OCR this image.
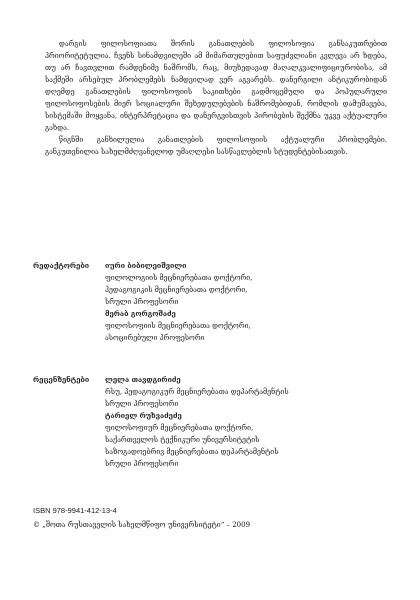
დარგის ფილოსოფიათა შორის განათლების ფილოსოფია განსაკუთრებით პრიორიტეტულია. ჩვენს სინამდვილეში ამ მიმართულებით საფუძვლიანი კვლევა არ ხდება, თუ არ ჩავთვლით რამდენიმე ნაშრომს, რაც, მიუხედავად მაღალკვალიფიციურობისა, ამ საქმეში არსებულ პრობლემებს ნამდვილად ვერ აგვარებს. დანერგილი ანტიკურობიდან დღემდე განათლების ფილოსოფიის საკითხები გადმოცემული და პოპულარული ფილოსოფოსების მიერ სოციალური შეხედულებების ნაშრომებიდან, რომლის დამუშავება, სისტემაში მოყვანა, ინტერპრეტაცია და დანერგვისთვის პირობების შექმნა უკვე აქტუალური გახდა.

წიგნში განხილულია განათლების ფილოსოფიის აქტუალური პრობლემები. განკუთვნილია სახელმძღვანელოდ უმაღლესი სასწავლებლის სტუდენტებისათვის.

რედაქტორები იური ბიბილეიშვილი
ფილოლოგიის მეცნიერებათა დოქტორი,
პედაგოგიკის მეცნიერებათა დოქტორი,
სრული პროფესორი
მერაბ გორგოშაძე
ფილოსოფიის მეცნიერებათა დოქტორი,
ასოცირებული პროფესორი
რეცენზენტები ლელა თავდგირიძე
რსუ, პედაგოგიკურ მეცნიერებათა დეპარტამენტის
სრული პროფესორი
ტარიელ რუხვაძეძე
ფილოსოფიურ მეცნიერებათა დოქტორი,
საქართველოს ტექნიკური უნივერსიტეტის
საზოგადოებრივ მეცნიერებათა დეპარტამენტის
სრული პროფესორი
ISBN 978-9941-412-13-4
© „შოთა რუსთაველის სახელმწიფო უნივერსიტეტი“ – 2009
